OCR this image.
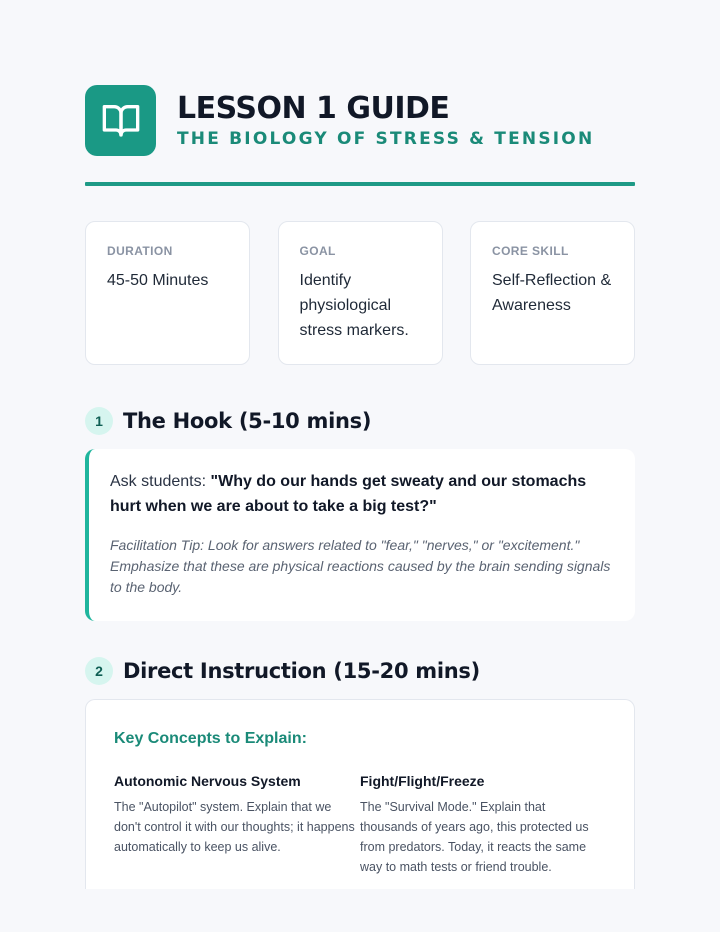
LESSON 1 GUIDE
THE BIOLOGY OF STRESS & TENSION
DURATION
45-50 Minutes
GOAL
Identify physiological stress markers.
CORE SKILL
Self-Reflection & Awareness
1 The Hook (5-10 mins)
Ask students: "Why do our hands get sweaty and our stomachs hurt when we are about to take a big test?"
Facilitation Tip: Look for answers related to "fear," "nerves," or "excitement." Emphasize that these are physical reactions caused by the brain sending signals to the body.
2 Direct Instruction (15-20 mins)
Key Concepts to Explain:
Autonomic Nervous System
The "Autopilot" system. Explain that we don't control it with our thoughts; it happens automatically to keep us alive.
Fight/Flight/Freeze
The "Survival Mode." Explain that thousands of years ago, this protected us from predators. Today, it reacts the same way to math tests or friend trouble.
